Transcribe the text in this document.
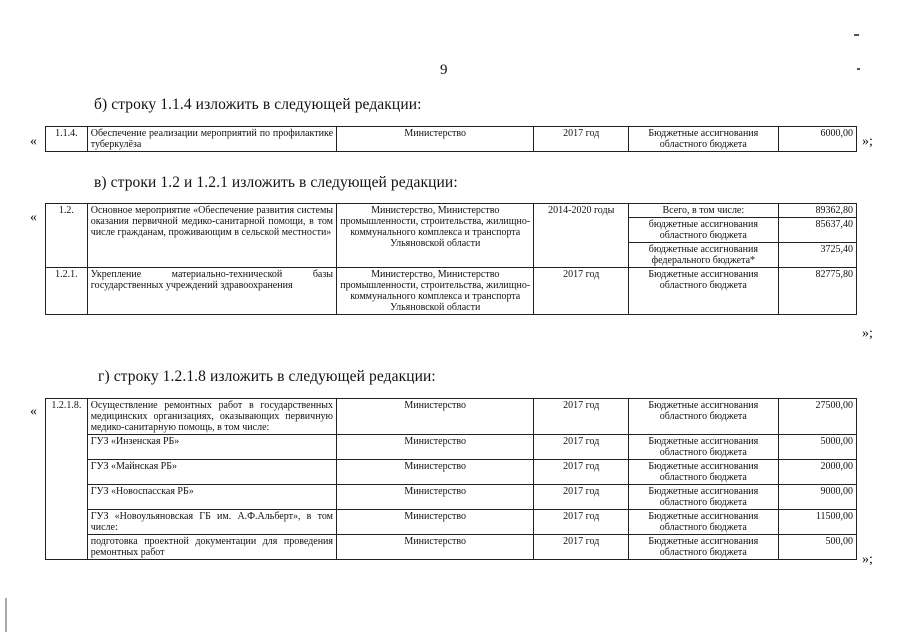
9
б) строку 1.1.4 изложить в следующей редакции:
«
1.1.4.	Обеспечение реализации мероприятий по профилактике туберкулёза	Министерство	2017 год	Бюджетные ассигнования областного бюджета	6000,00
»;
в) строки 1.2 и 1.2.1 изложить в следующей редакции:
« 1.2.	Основное мероприятие «Обеспечение развития системы оказания первичной медико-санитарной помощи, в том числе гражданам, проживающим в сельской местности»	Министерство, Министерство промышленности, строительства, жилищно-коммунального комплекса и транспорта Ульяновской области	2014-2020 годы	Всего, в том числе:	89362,80
				бюджетные ассигнования областного бюджета	85637,40
				бюджетные ассигнования федерального бюджета*	3725,40
1.2.1.	Укрепление материально-технической базы государственных учреждений здравоохранения	Министерство, Министерство промышленности, строительства, жилищно-коммунального комплекса и транспорта Ульяновской области	2017 год	Бюджетные ассигнования областного бюджета	82775,80
»;
г) строку 1.2.1.8 изложить в следующей редакции:
« 1.2.1.8.	Осуществление ремонтных работ в государственных медицинских организациях, оказывающих первичную медико-санитарную помощь, в том числе:	Министерство	2017 год	Бюджетные ассигнования областного бюджета	27500,00
	ГУЗ «Инзенская РБ»	Министерство	2017 год	Бюджетные ассигнования областного бюджета	5000,00
	ГУЗ «Майнская РБ»	Министерство	2017 год	Бюджетные ассигнования областного бюджета	2000,00
	ГУЗ «Новоспасская РБ»	Министерство	2017 год	Бюджетные ассигнования областного бюджета	9000,00
	ГУЗ «Новоульяновская ГБ им. А.Ф.Альберт», в том числе:	Министерство	2017 год	Бюджетные ассигнования областного бюджета	11500,00
	подготовка проектной документации для проведения ремонтных работ	Министерство	2017 год	Бюджетные ассигнования областного бюджета	500,00
»;
